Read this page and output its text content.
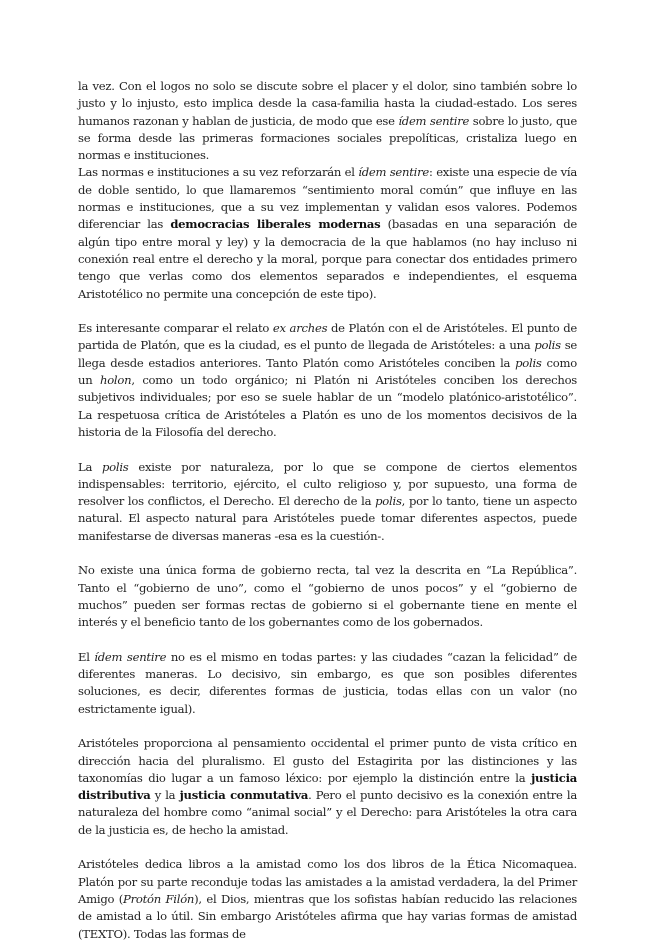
la vez. Con el logos no solo se discute sobre el placer y el dolor, sino también sobre lo justo y lo injusto, esto implica desde la casa-familia hasta la ciudad-estado. Los seres humanos razonan y hablan de justicia, de modo que ese ídem sentire sobre lo justo, que se forma desde las primeras formaciones sociales prepolíticas, cristaliza luego en normas e instituciones.

Las normas e instituciones a su vez reforzarán el ídem sentire: existe una especie de vía de doble sentido, lo que llamaremos “sentimiento moral común” que influye en las normas e instituciones, que a su vez implementan y validan esos valores. Podemos diferenciar las democracias liberales modernas (basadas en una separación de algún tipo entre moral y ley) y la democracia de la que hablamos (no hay incluso ni conexión real entre el derecho y la moral, porque para conectar dos entidades primero tengo que verlas como dos elementos separados e independientes, el esquema Aristotélico no permite una concepción de este tipo).

Es interesante comparar el relato ex arches de Platón con el de Aristóteles. El punto de partida de Platón, que es la ciudad, es el punto de llegada de Aristóteles: a una polis se llega desde estadios anteriores. Tanto Platón como Aristóteles conciben la polis como un holon, como un todo orgánico; ni Platón ni Aristóteles conciben los derechos subjetivos individuales; por eso se suele hablar de un “modelo platónico-aristotélico”. La respetuosa crítica de Aristóteles a Platón es uno de los momentos decisivos de la historia de la Filosofía del derecho.

La polis existe por naturaleza, por lo que se compone de ciertos elementos indispensables: territorio, ejército, el culto religioso y, por supuesto, una forma de resolver los conflictos, el Derecho. El derecho de la polis, por lo tanto, tiene un aspecto natural. El aspecto natural para Aristóteles puede tomar diferentes aspectos, puede manifestarse de diversas maneras -esa es la cuestión-.

No existe una única forma de gobierno recta, tal vez la descrita en “La República”. Tanto el “gobierno de uno”, como el “gobierno de unos pocos” y el “gobierno de muchos” pueden ser formas rectas de gobierno si el gobernante tiene en mente el interés y el beneficio tanto de los gobernantes como de los gobernados.

El ídem sentire no es el mismo en todas partes: y las ciudades “cazan la felicidad” de diferentes maneras. Lo decisivo, sin embargo, es que son posibles diferentes soluciones, es decir, diferentes formas de justicia, todas ellas con un valor (no estrictamente igual).

Aristóteles proporciona al pensamiento occidental el primer punto de vista crítico en dirección hacia del pluralismo. El gusto del Estagirita por las distinciones y las taxonomías dio lugar a un famoso léxico: por ejemplo la distinción entre la justicia distributiva y la justicia conmutativa. Pero el punto decisivo es la conexión entre la naturaleza del hombre como “animal social” y el Derecho: para Aristóteles la otra cara de la justicia es, de hecho la amistad.

Aristóteles dedica libros a la amistad como los dos libros de la Ética Nicomaquea. Platón por su parte reconduje todas las amistades a la amistad verdadera, la del Primer Amigo (Protón Filón), el Dios, mientras que los sofistas habían reducido las relaciones de amistad a lo útil. Sin embargo Aristóteles afirma que hay varias formas de amistad (TEXTO). Todas las formas de
